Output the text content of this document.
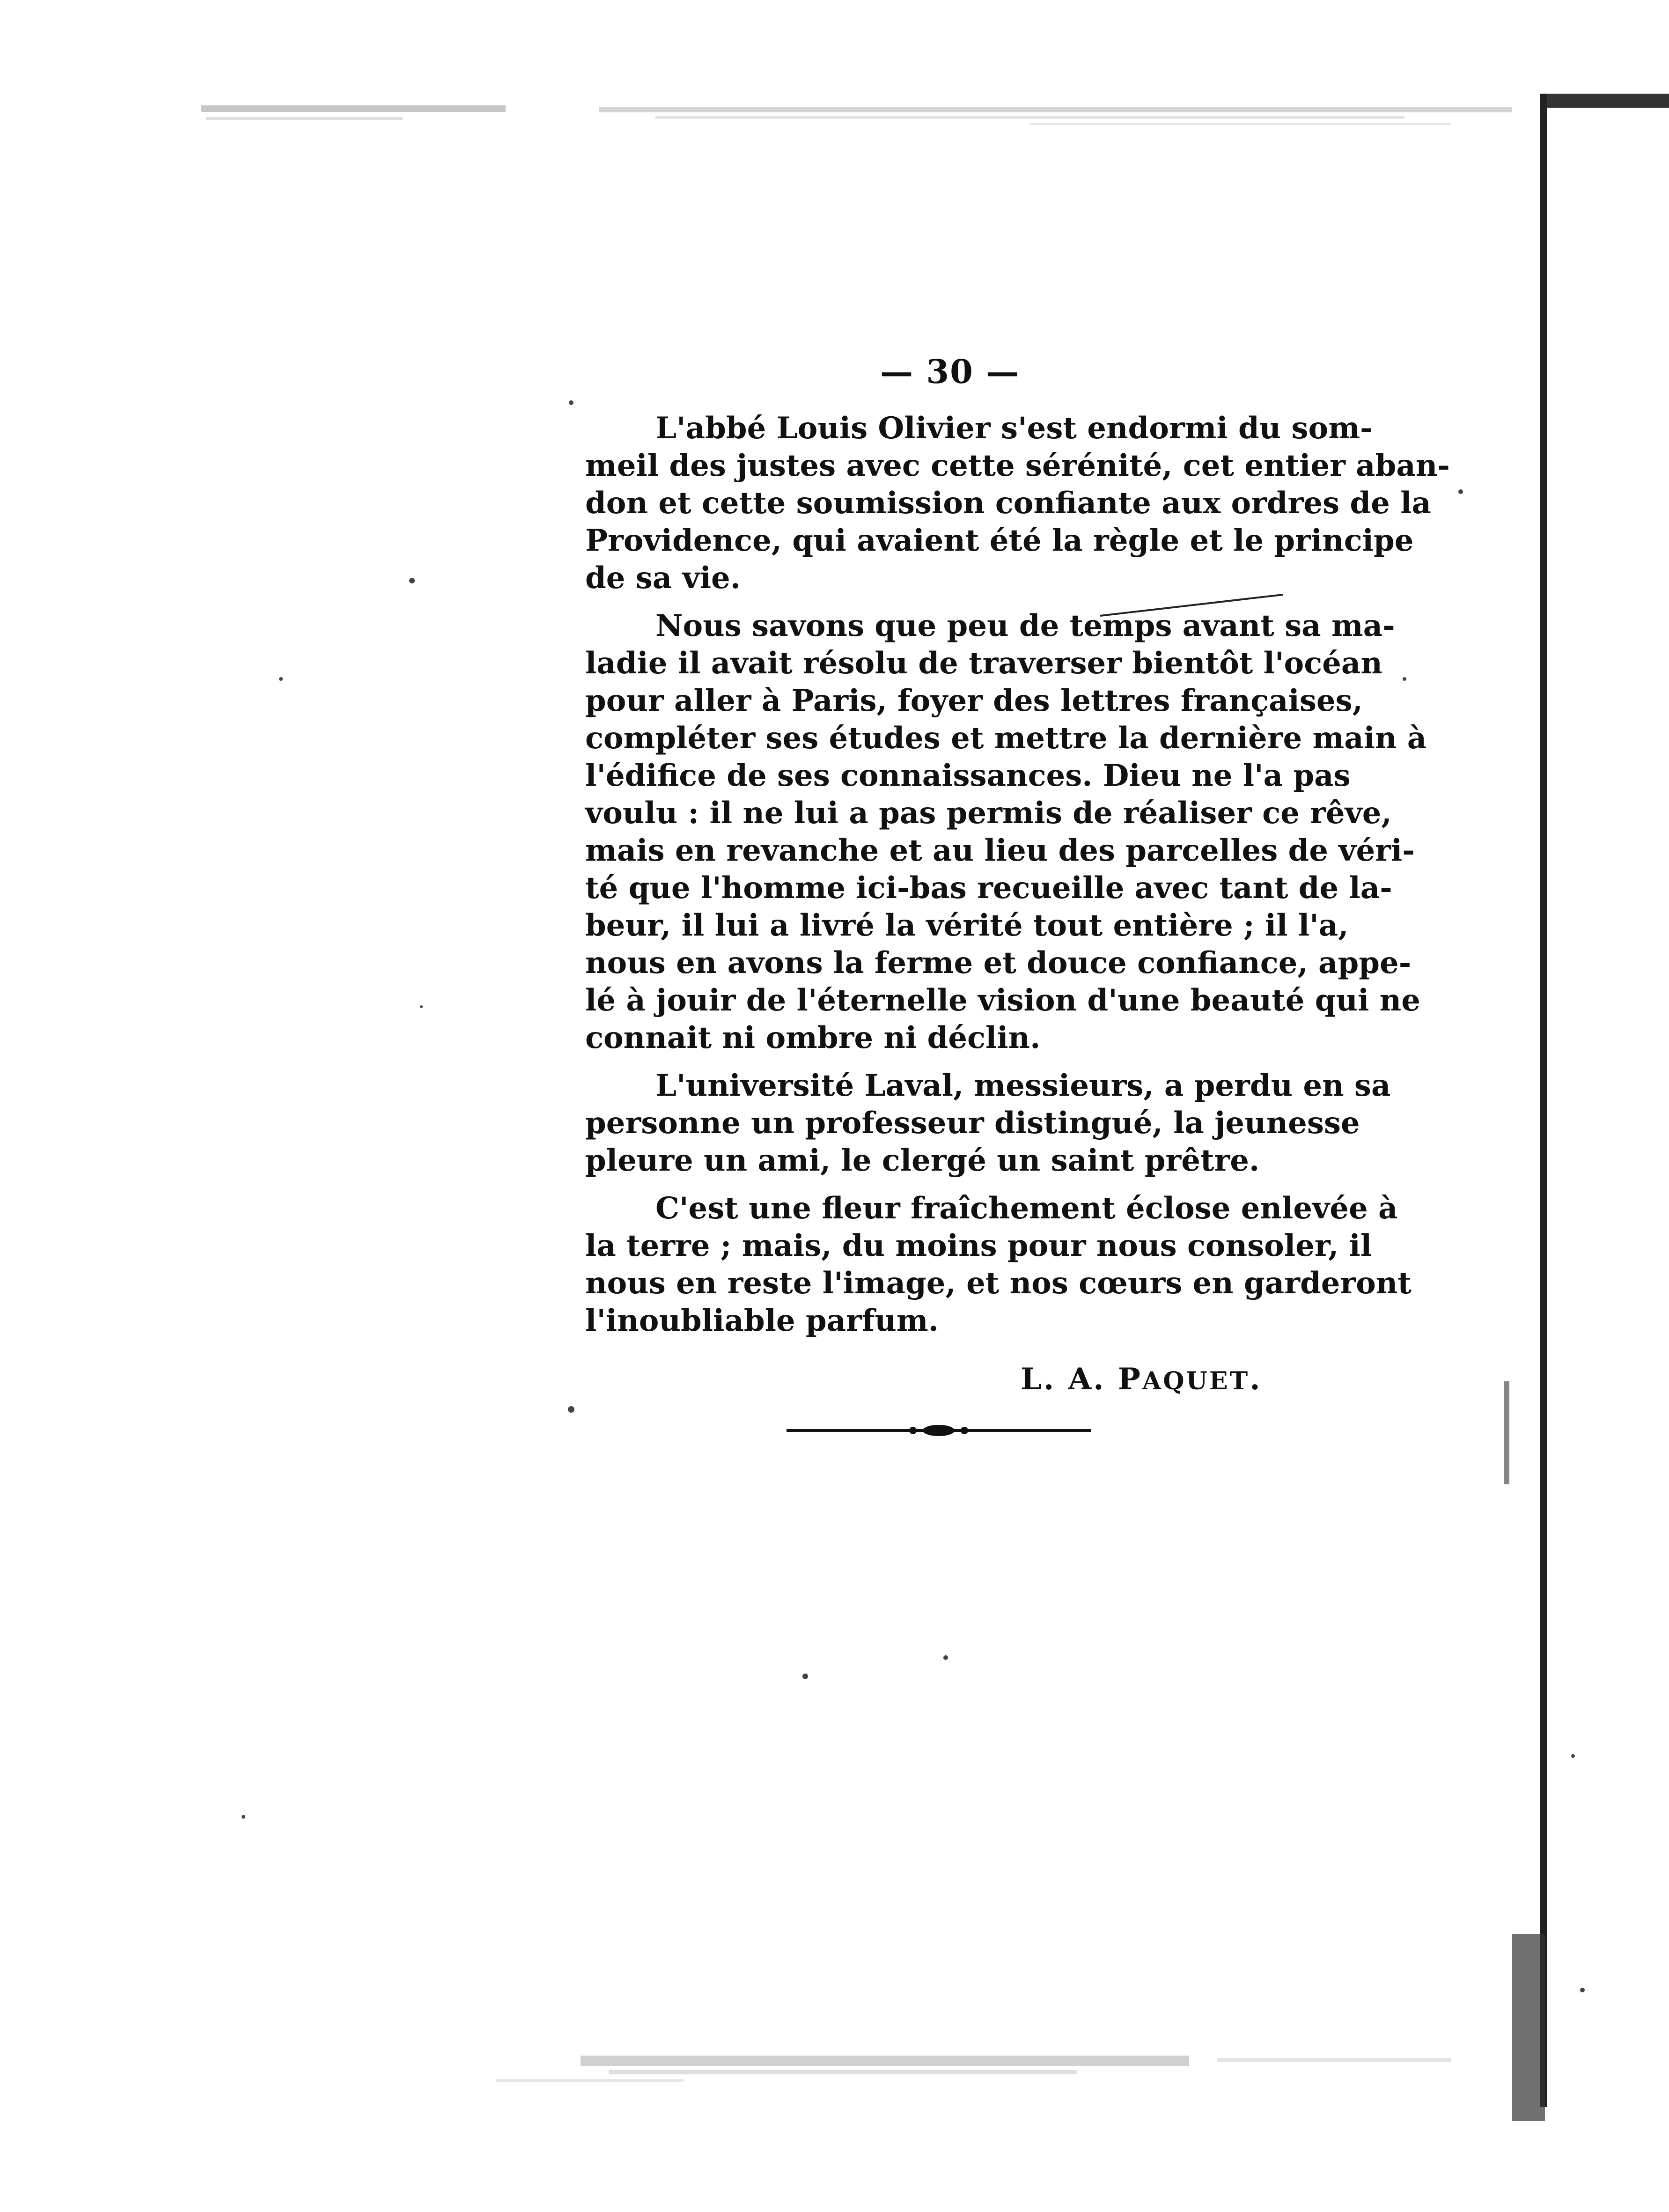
— 30 —
L'abbé Louis Olivier s'est endormi du som-
meil des justes avec cette sérénité, cet entier aban-
don et cette soumission confiante aux ordres de la
Providence, qui avaient été la règle et le principe
de sa vie.
Nous savons que peu de temps avant sa ma-
ladie il avait résolu de traverser bientôt l'océan
pour aller à Paris, foyer des lettres françaises,
compléter ses études et mettre la dernière main à
l'édifice de ses connaissances. Dieu ne l'a pas
voulu : il ne lui a pas permis de réaliser ce rêve,
mais en revanche et au lieu des parcelles de véri-
té que l'homme ici-bas recueille avec tant de la-
beur, il lui a livré la vérité tout entière ; il l'a,
nous en avons la ferme et douce confiance, appe-
lé à jouir de l'éternelle vision d'une beauté qui ne
connait ni ombre ni déclin.
L'université Laval, messieurs, a perdu en sa
personne un professeur distingué, la jeunesse
pleure un ami, le clergé un saint prêtre.
C'est une fleur fraîchement éclose enlevée à
la terre ; mais, du moins pour nous consoler, il
nous en reste l'image, et nos cœurs en garderont
l'inoubliable parfum.
L. A. PAQUET.
